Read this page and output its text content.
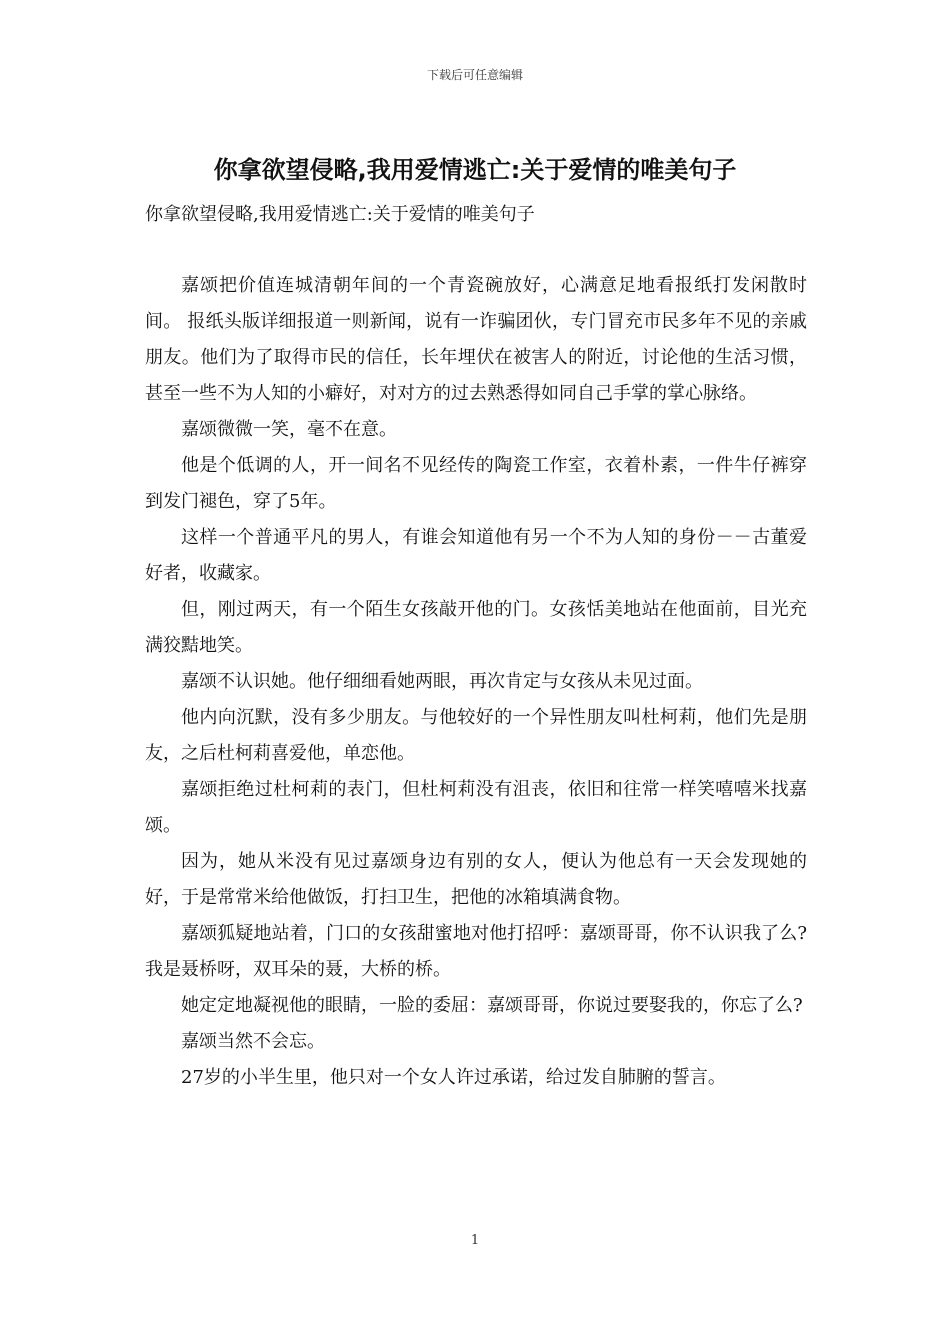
下载后可任意编辑
你拿欲望侵略,我用爱情逃亡:关于爱情的唯美句子
你拿欲望侵略,我用爱情逃亡:关于爱情的唯美句子

嘉颂把价值连城清朝年间的一个青瓷碗放好，心满意足地看报纸打发闲散时间。 报纸头版详细报道一则新闻，说有一诈骗团伙，专门冒充市民多年不见的亲戚朋友。他们为了取得市民的信任，长年埋伏在被害人的附近，讨论他的生活习惯，甚至一些不为人知的小癖好，对对方的过去熟悉得如同自己手掌的掌心脉络。

嘉颂微微一笑，毫不在意。

他是个低调的人，开一间名不见经传的陶瓷工作室，衣着朴素，一件牛仔裤穿到发门褪色，穿了5年。

这样一个普通平凡的男人，有谁会知道他有另一个不为人知的身份－－古董爱好者，收藏家。

但，刚过两天，有一个陌生女孩敲开他的门。女孩恬美地站在他面前，目光充满狡黠地笑。

嘉颂不认识她。他仔细细看她两眼，再次肯定与女孩从未见过面。

他内向沉默，没有多少朋友。与他较好的一个异性朋友叫杜柯莉，他们先是朋友，之后杜柯莉喜爱他，单恋他。

嘉颂拒绝过杜柯莉的表门，但杜柯莉没有沮丧，依旧和往常一样笑嘻嘻米找嘉颂。

因为，她从米没有见过嘉颂身边有别的女人，便认为他总有一天会发现她的好，于是常常米给他做饭，打扫卫生，把他的冰箱填满食物。

嘉颂狐疑地站着，门口的女孩甜蜜地对他打招呼：嘉颂哥哥，你不认识我了么?我是聂桥呀，双耳朵的聂，大桥的桥。

她定定地凝视他的眼睛，一脸的委屈：嘉颂哥哥，你说过要娶我的，你忘了么?

嘉颂当然不会忘。

27岁的小半生里，他只对一个女人许过承诺，给过发自肺腑的誓言。

1
